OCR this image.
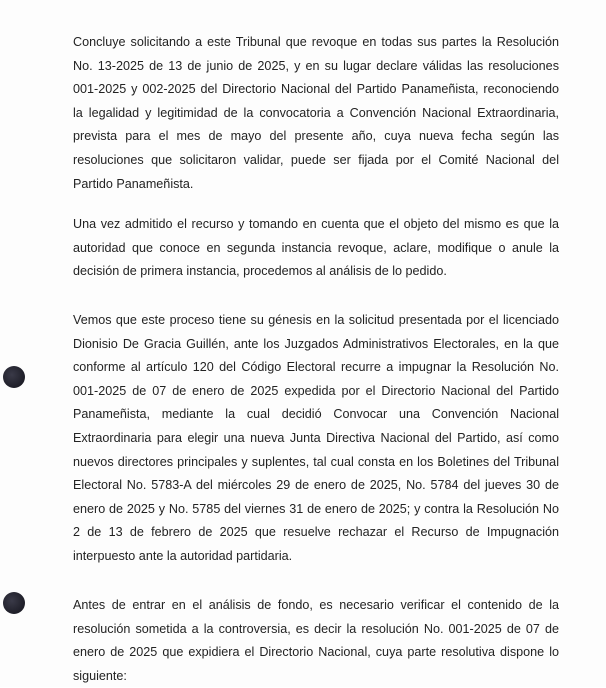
Concluye solicitando a este Tribunal que revoque en todas sus partes la Resolución No. 13-2025 de 13 de junio de 2025, y en su lugar declare válidas las resoluciones 001-2025 y 002-2025 del Directorio Nacional del Partido Panameñista, reconociendo la legalidad y legitimidad de la convocatoria a Convención Nacional Extraordinaria, prevista para el mes de mayo del presente año, cuya nueva fecha según las resoluciones que solicitaron validar, puede ser fijada por el Comité Nacional del Partido Panameñista.

Una vez admitido el recurso y tomando en cuenta que el objeto del mismo es que la autoridad que conoce en segunda instancia revoque, aclare, modifique o anule la decisión de primera instancia, procedemos al análisis de lo pedido.

Vemos que este proceso tiene su génesis en la solicitud presentada por el licenciado Dionisio De Gracia Guillén, ante los Juzgados Administrativos Electorales, en la que conforme al artículo 120 del Código Electoral recurre a impugnar la Resolución No. 001-2025 de 07 de enero de 2025 expedida por el Directorio Nacional del Partido Panameñista, mediante la cual decidió Convocar una Convención Nacional Extraordinaria para elegir una nueva Junta Directiva Nacional del Partido, así como nuevos directores principales y suplentes, tal cual consta en los Boletines del Tribunal Electoral No. 5783-A del miércoles 29 de enero de 2025, No. 5784 del jueves 30 de enero de 2025 y No. 5785 del viernes 31 de enero de 2025; y contra la Resolución No 2 de 13 de febrero de 2025 que resuelve rechazar el Recurso de Impugnación interpuesto ante la autoridad partidaria.

Antes de entrar en el análisis de fondo, es necesario verificar el contenido de la resolución sometida a la controversia, es decir la resolución No. 001-2025 de 07 de enero de 2025 que expidiera el Directorio Nacional, cuya parte resolutiva dispone lo siguiente:
